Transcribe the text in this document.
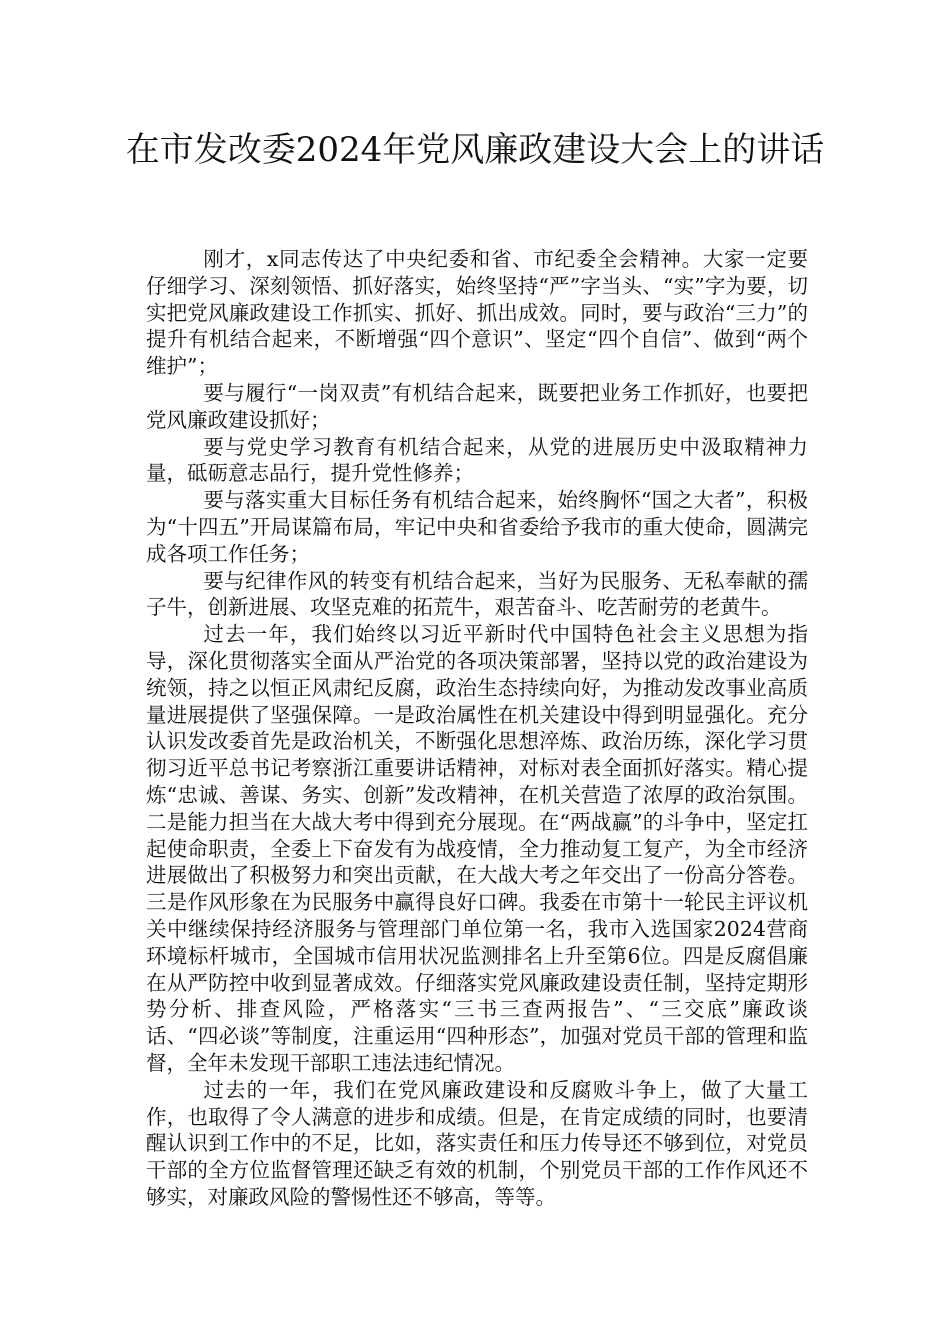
在市发改委2024年党风廉政建设大会上的讲话

刚才，x同志传达了中央纪委和省、市纪委全会精神。大家一定要仔细学习、深刻领悟、抓好落实，始终坚持“严”字当头、“实”字为要，切实把党风廉政建设工作抓实、抓好、抓出成效。同时，要与政治“三力”的提升有机结合起来，不断增强“四个意识”、坚定“四个自信”、做到“两个维护”；

要与履行“一岗双责”有机结合起来，既要把业务工作抓好，也要把党风廉政建设抓好；

要与党史学习教育有机结合起来，从党的进展历史中汲取精神力量，砥砺意志品行，提升党性修养；

要与落实重大目标任务有机结合起来，始终胸怀“国之大者”，积极为“十四五”开局谋篇布局，牢记中央和省委给予我市的重大使命，圆满完成各项工作任务；

要与纪律作风的转变有机结合起来，当好为民服务、无私奉献的孺子牛，创新进展、攻坚克难的拓荒牛，艰苦奋斗、吃苦耐劳的老黄牛。

过去一年，我们始终以习近平新时代中国特色社会主义思想为指导，深化贯彻落实全面从严治党的各项决策部署，坚持以党的政治建设为统领，持之以恒正风肃纪反腐，政治生态持续向好，为推动发改事业高质量进展提供了坚强保障。一是政治属性在机关建设中得到明显强化。充分认识发改委首先是政治机关，不断强化思想淬炼、政治历练，深化学习贯彻习近平总书记考察浙江重要讲话精神，对标对表全面抓好落实。精心提炼“忠诚、善谋、务实、创新”发改精神，在机关营造了浓厚的政治氛围。二是能力担当在大战大考中得到充分展现。在“两战赢”的斗争中，坚定扛起使命职责，全委上下奋发有为战疫情，全力推动复工复产，为全市经济进展做出了积极努力和突出贡献，在大战大考之年交出了一份高分答卷。三是作风形象在为民服务中赢得良好口碑。我委在市第十一轮民主评议机关中继续保持经济服务与管理部门单位第一名，我市入选国家2024营商环境标杆城市，全国城市信用状况监测排名上升至第6位。四是反腐倡廉在从严防控中收到显著成效。仔细落实党风廉政建设责任制，坚持定期形势分析、排查风险，严格落实“三书三查两报告”、“三交底”廉政谈话、“四必谈”等制度，注重运用“四种形态”，加强对党员干部的管理和监督，全年未发现干部职工违法违纪情况。

过去的一年，我们在党风廉政建设和反腐败斗争上，做了大量工作，也取得了令人满意的进步和成绩。但是，在肯定成绩的同时，也要清醒认识到工作中的不足，比如，落实责任和压力传导还不够到位，对党员干部的全方位监督管理还缺乏有效的机制，个别党员干部的工作作风还不够实，对廉政风险的警惕性还不够高，等等。
